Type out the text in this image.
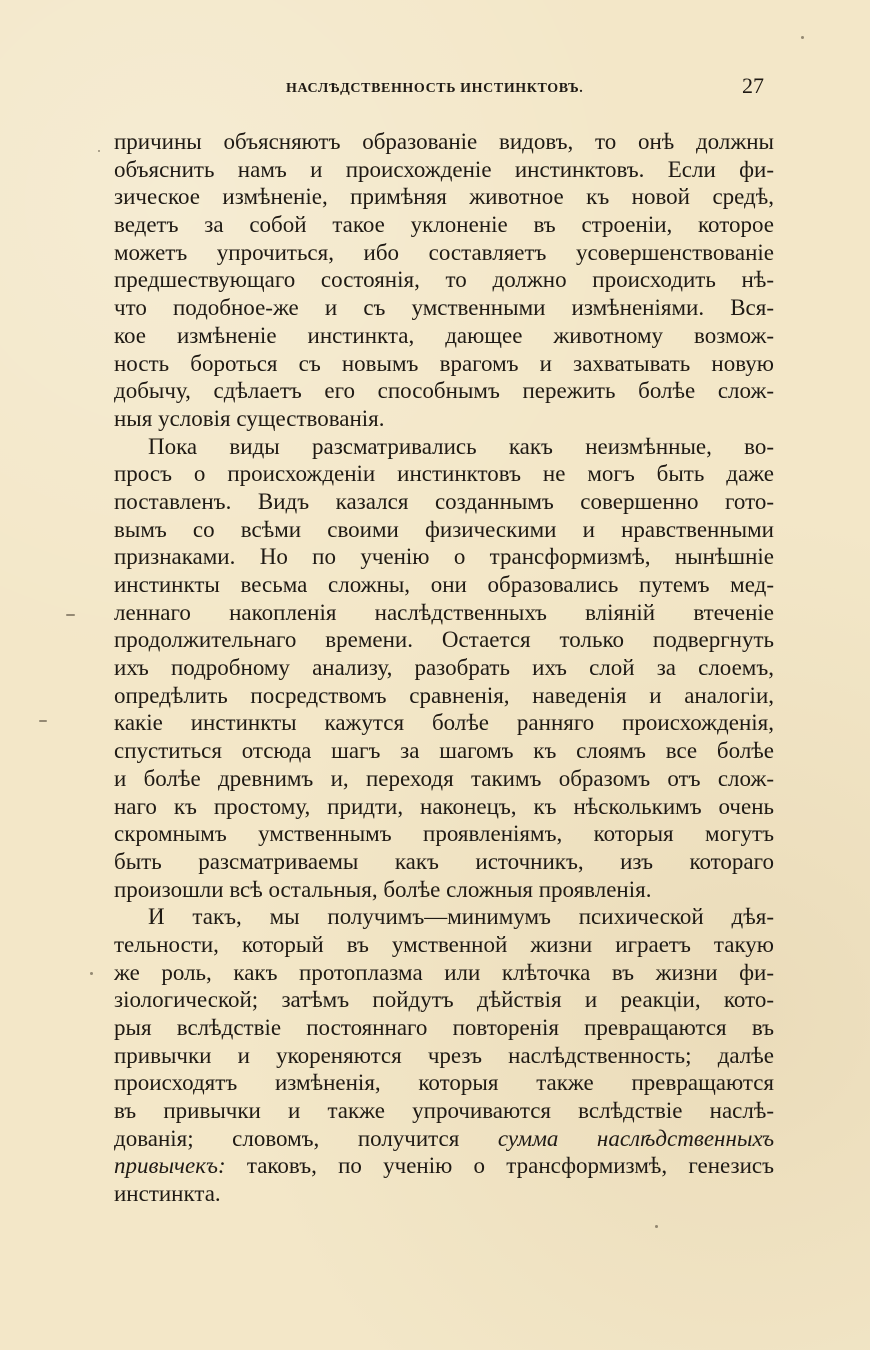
НАСЛѢДСТВЕННОСТЬ ИНСТИНКТОВЪ.	27
причины объясняютъ образованіе видовъ, то онѣ должны
объяснить намъ и происхожденіе инстинктовъ. Если фи-
зическое измѣненіе, примѣняя животное къ новой средѣ,
ведетъ за собой такое уклоненіе въ строеніи, которое
можетъ упрочиться, ибо составляетъ усовершенствованіе
предшествующаго состоянія, то должно происходить нѣ-
что подобное-же и съ умственными измѣненіями. Вся-
кое измѣненіе инстинкта, дающее животному возмож-
ность бороться съ новымъ врагомъ и захватывать новую
добычу, сдѣлаетъ его способнымъ пережить болѣе слож-
ныя условія существованія.
Пока виды разсматривались какъ неизмѣнные, во-
просъ о происхожденіи инстинктовъ не могъ быть даже
поставленъ. Видъ казался созданнымъ совершенно гото-
вымъ со всѣми своими физическими и нравственными
признаками. Но по ученію о трансформизмѣ, нынѣшніе
инстинкты весьма сложны, они образовались путемъ мед-
леннаго накопленія наслѣдственныхъ вліяній втеченіе
продолжительнаго времени. Остается только подвергнуть
ихъ подробному анализу, разобрать ихъ слой за слоемъ,
опредѣлить посредствомъ сравненія, наведенія и аналогіи,
какіе инстинкты кажутся болѣе ранняго происхожденія,
спуститься отсюда шагъ за шагомъ къ слоямъ все болѣе
и болѣе древнимъ и, переходя такимъ образомъ отъ слож-
наго къ простому, придти, наконецъ, къ нѣсколькимъ очень
скромнымъ умственнымъ проявленіямъ, которыя могутъ
быть разсматриваемы какъ источникъ, изъ котораго
произошли всѣ остальныя, болѣе сложныя проявленія.
И такъ, мы получимъ—минимумъ психической дѣя-
тельности, который въ умственной жизни играетъ такую
же роль, какъ протоплазма или клѣточка въ жизни фи-
зіологической; затѣмъ пойдутъ дѣйствія и реакціи, кото-
рыя вслѣдствіе постояннаго повторенія превращаются въ
привычки и укореняются чрезъ наслѣдственность; далѣе
происходятъ измѣненія, которыя также превращаются
въ привычки и также упрочиваются вслѣдствіе наслѣ-
дованія; словомъ, получится сумма наслѣдственныхъ
привычекъ: таковъ, по ученію о трансформизмѣ, генезисъ
инстинкта.
